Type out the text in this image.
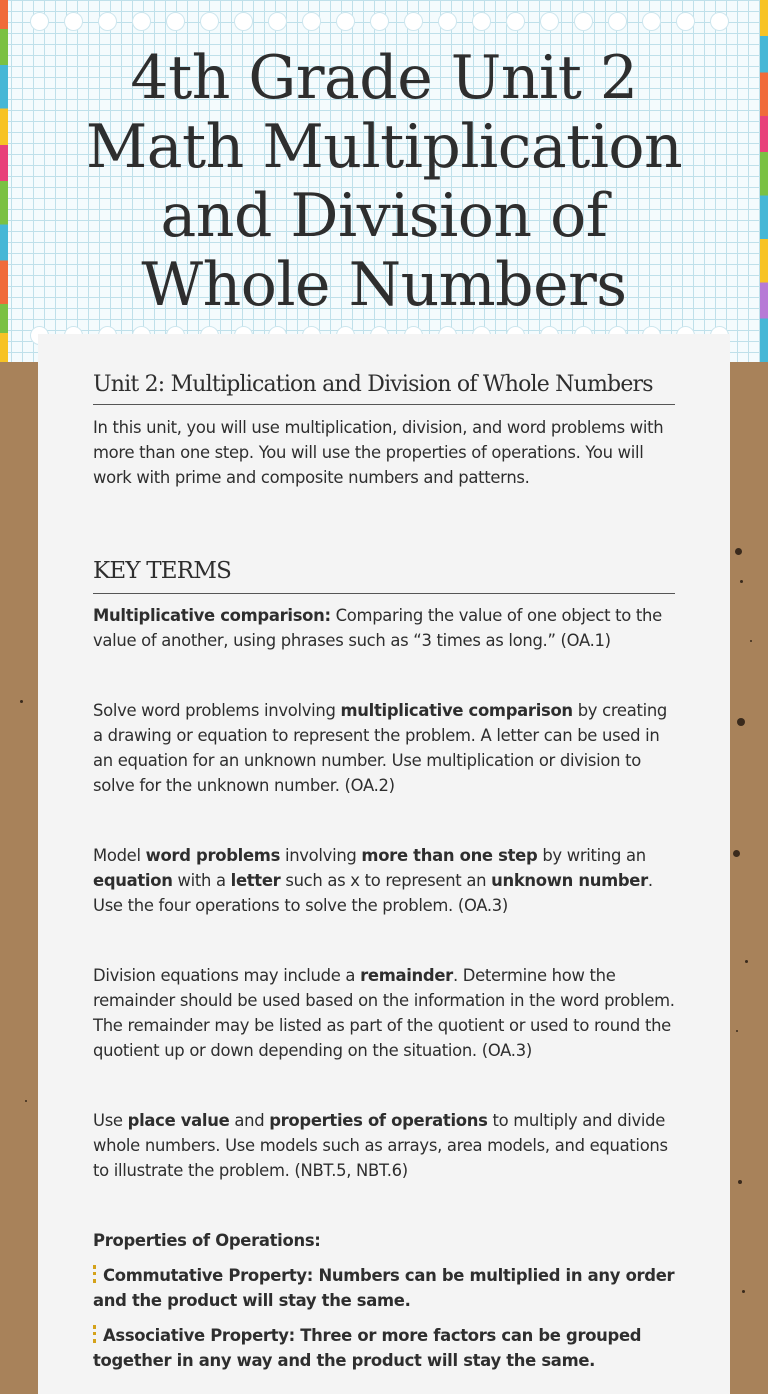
4th Grade Unit 2 Math Multiplication and Division of Whole Numbers
Unit 2: Multiplication and Division of Whole Numbers

In this unit, you will use multiplication, division, and word problems with more than one step. You will use the properties of operations. You will work with prime and composite numbers and patterns.

KEY TERMS

Multiplicative comparison: Comparing the value of one object to the value of another, using phrases such as “3 times as long.” (OA.1)

Solve word problems involving multiplicative comparison by creating a drawing or equation to represent the problem. A letter can be used in an equation for an unknown number. Use multiplication or division to solve for the unknown number. (OA.2)

Model word problems involving more than one step by writing an equation with a letter such as x to represent an unknown number. Use the four operations to solve the problem. (OA.3)

Division equations may include a remainder. Determine how the remainder should be used based on the information in the word problem. The remainder may be listed as part of the quotient or used to round the quotient up or down depending on the situation. (OA.3)

Use place value and properties of operations to multiply and divide whole numbers. Use models such as arrays, area models, and equations to illustrate the problem. (NBT.5, NBT.6)

Properties of Operations:

Commutative Property: Numbers can be multiplied in any order and the product will stay the same.

Associative Property: Three or more factors can be grouped together in any way and the product will stay the same.
